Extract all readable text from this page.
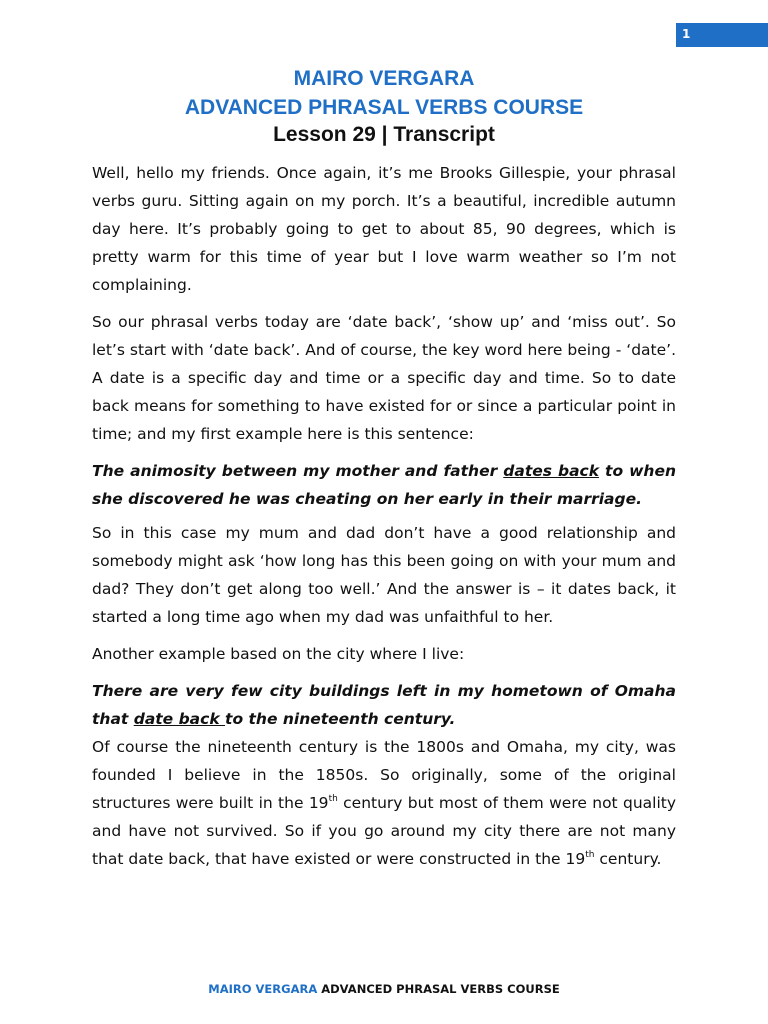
1
MAIRO VERGARA
ADVANCED PHRASAL VERBS COURSE
Lesson 29 | Transcript

Well, hello my friends. Once again, it’s me Brooks Gillespie, your phrasal verbs guru. Sitting again on my porch. It’s a beautiful, incredible autumn day here. It’s probably going to get to about 85, 90 degrees, which is pretty warm for this time of year but I love warm weather so I’m not complaining.

So our phrasal verbs today are ‘date back’, ‘show up’ and ‘miss out’. So let’s start with ‘date back’. And of course, the key word here being - ‘date’. A date is a specific day and time or a specific day and time. So to date back means for something to have existed for or since a particular point in time; and my first example here is this sentence:

The animosity between my mother and father dates back to when she discovered he was cheating on her early in their marriage.

So in this case my mum and dad don’t have a good relationship and somebody might ask ‘how long has this been going on with your mum and dad? They don’t get along too well.’ And the answer is – it dates back, it started a long time ago when my dad was unfaithful to her.

Another example based on the city where I live:

There are very few city buildings left in my hometown of Omaha that date back to the nineteenth century.

Of course the nineteenth century is the 1800s and Omaha, my city, was founded I believe in the 1850s. So originally, some of the original structures were built in the 19th century but most of them were not quality and have not survived. So if you go around my city there are not many that date back, that have existed or were constructed in the 19th century.

MAIRO VERGARA ADVANCED PHRASAL VERBS COURSE
